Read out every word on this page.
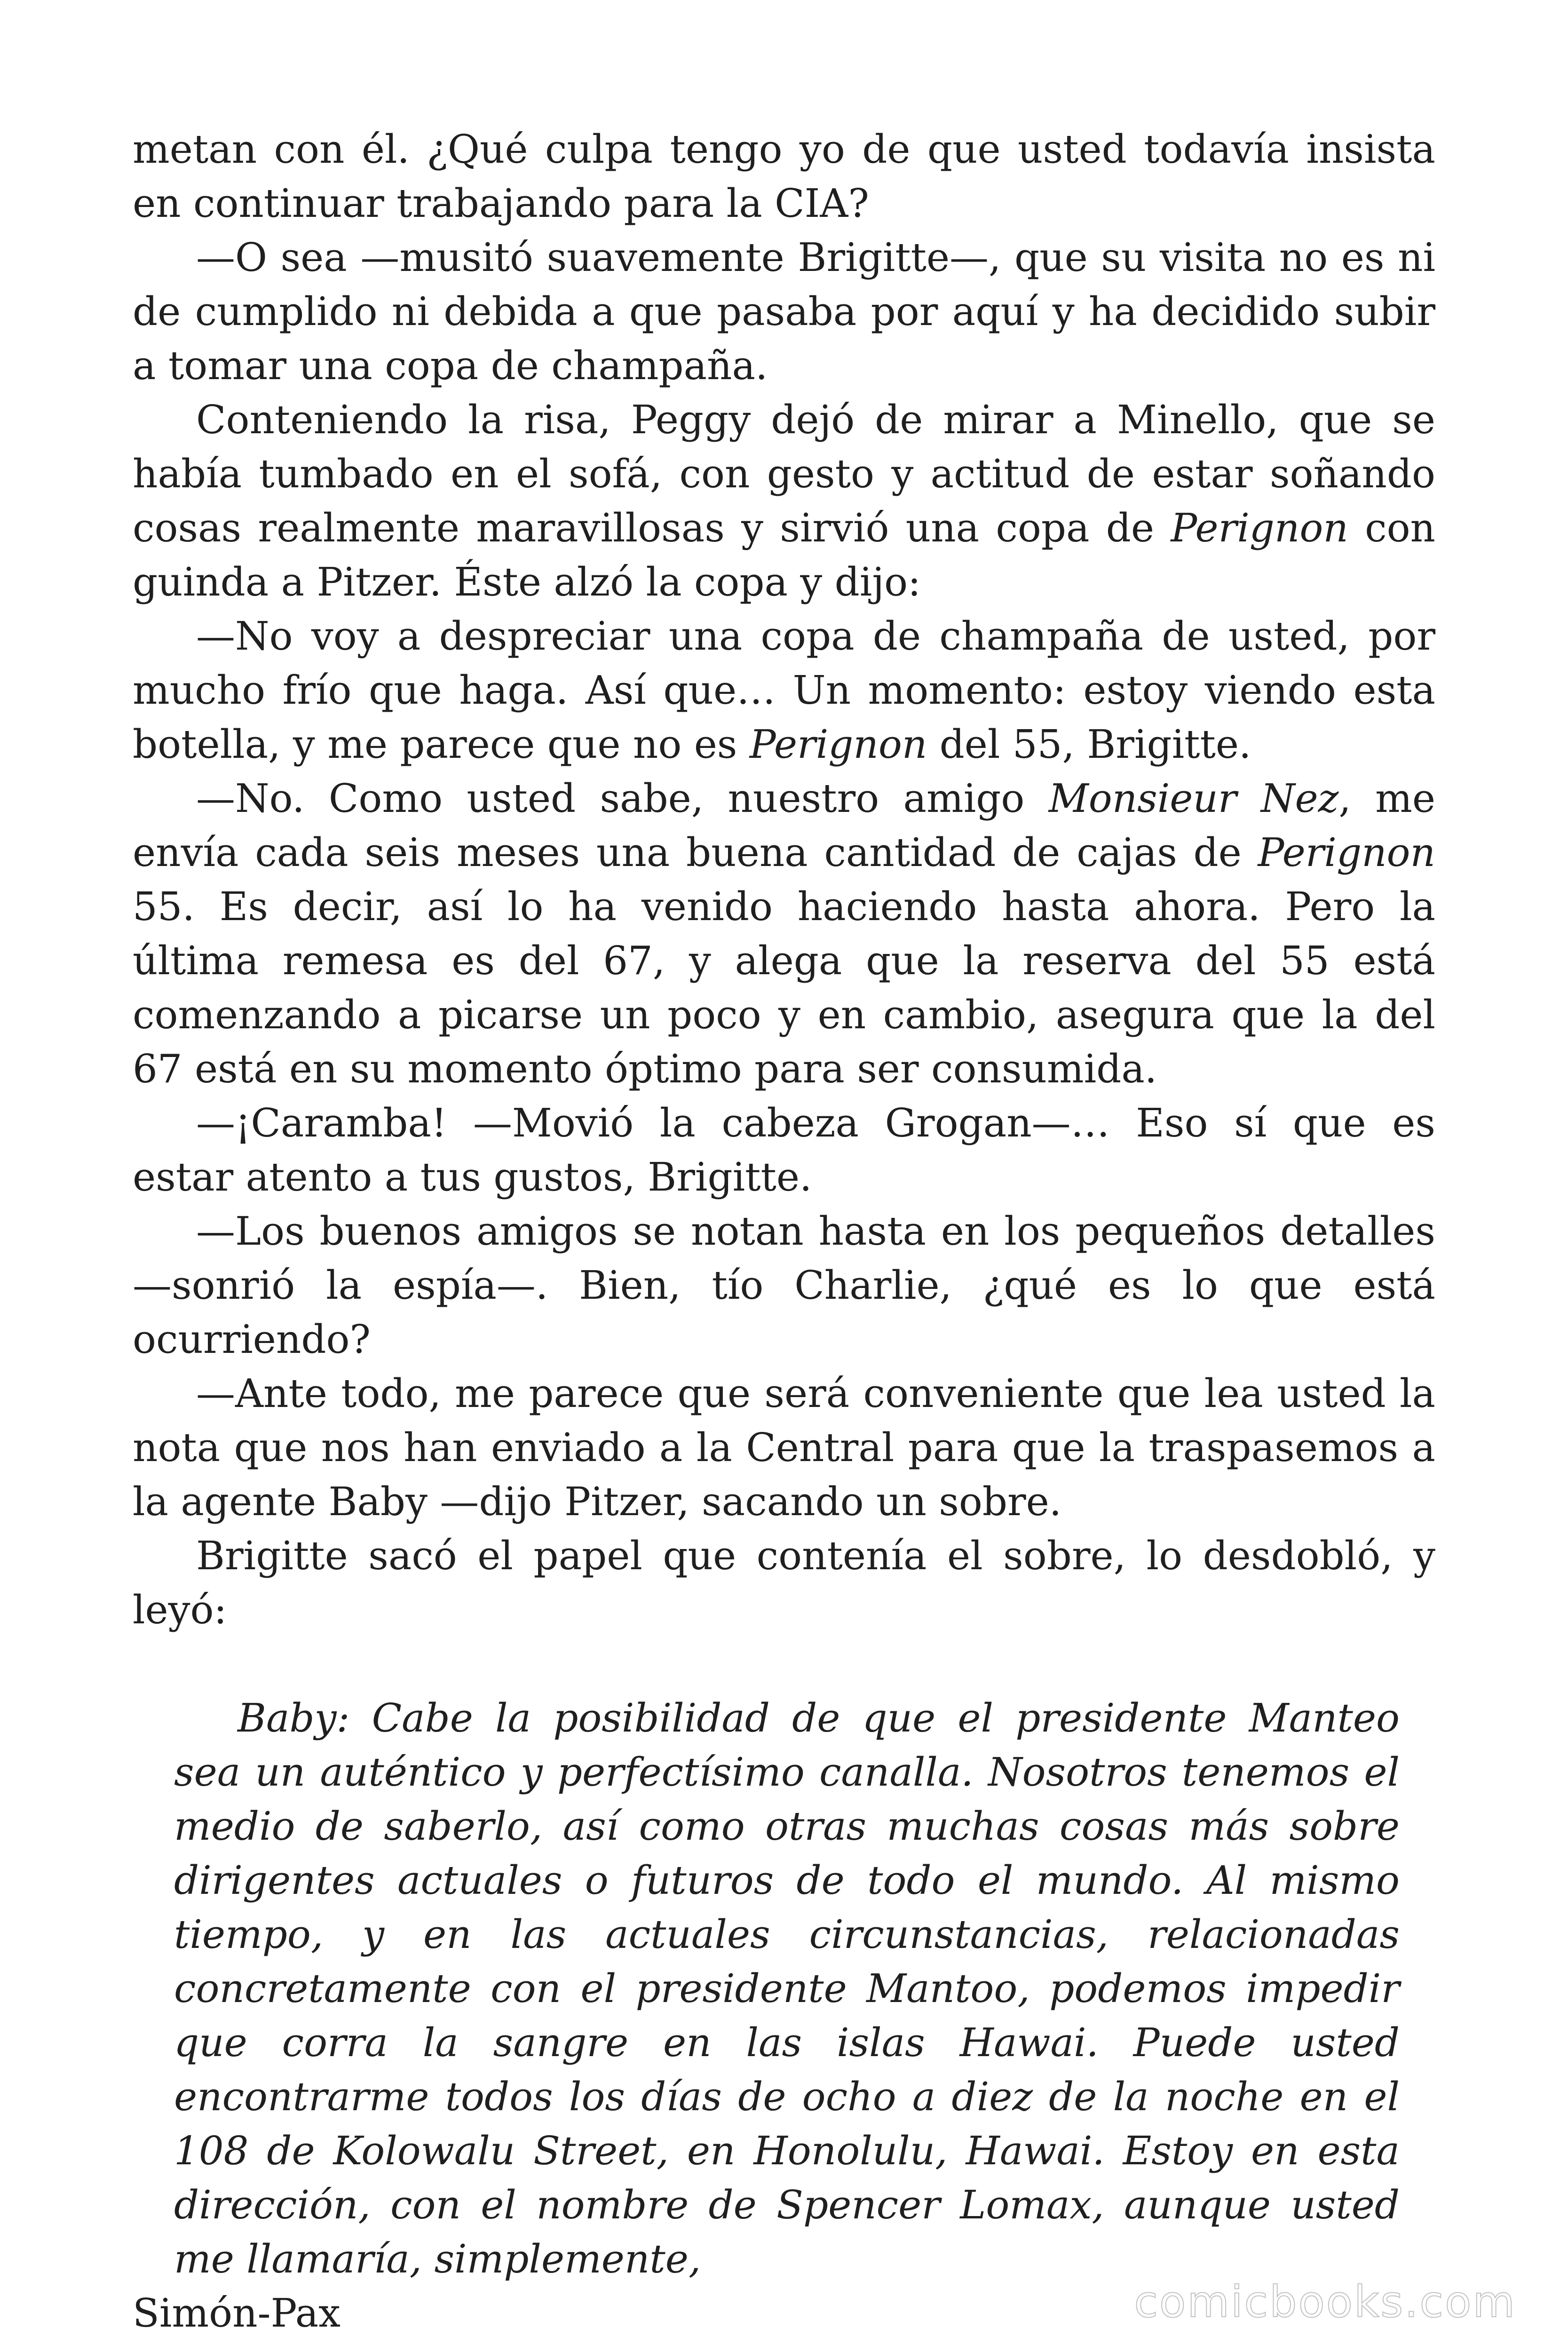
metan con él. ¿Qué culpa tengo yo de que usted todavía insista en continuar trabajando para la CIA?

—O sea —musitó suavemente Brigitte—, que su visita no es ni de cumplido ni debida a que pasaba por aquí y ha decidido subir a tomar una copa de champaña.

Conteniendo la risa, Peggy dejó de mirar a Minello, que se había tumbado en el sofá, con gesto y actitud de estar soñando cosas realmente maravillosas y sirvió una copa de Perignon con guinda a Pitzer. Éste alzó la copa y dijo:

—No voy a despreciar una copa de champaña de usted, por mucho frío que haga. Así que… Un momento: estoy viendo esta botella, y me parece que no es Perignon del 55, Brigitte.

—No. Como usted sabe, nuestro amigo Monsieur Nez, me envía cada seis meses una buena cantidad de cajas de Perignon 55. Es decir, así lo ha venido haciendo hasta ahora. Pero la última remesa es del 67, y alega que la reserva del 55 está comenzando a picarse un poco y en cambio, asegura que la del 67 está en su momento óptimo para ser consumida.

—¡Caramba! —Movió la cabeza Grogan—… Eso sí que es estar atento a tus gustos, Brigitte.

—Los buenos amigos se notan hasta en los pequeños detalles —sonrió la espía—. Bien, tío Charlie, ¿qué es lo que está ocurriendo?

—Ante todo, me parece que será conveniente que lea usted la nota que nos han enviado a la Central para que la traspasemos a la agente Baby —dijo Pitzer, sacando un sobre.

Brigitte sacó el papel que contenía el sobre, lo desdobló, y leyó:

Baby: Cabe la posibilidad de que el presidente Manteo sea un auténtico y perfectísimo canalla. Nosotros tenemos el medio de saberlo, así como otras muchas cosas más sobre dirigentes actuales o futuros de todo el mundo. Al mismo tiempo, y en las actuales circunstancias, relacionadas concretamente con el presidente Mantoo, podemos impedir que corra la sangre en las islas Hawai. Puede usted encontrarme todos los días de ocho a diez de la noche en el 108 de Kolowalu Street, en Honolulu, Hawai. Estoy en esta dirección, con el nombre de Spencer Lomax, aunque usted me llamaría, simplemente,

Simón-Pax	comicbooks.com
